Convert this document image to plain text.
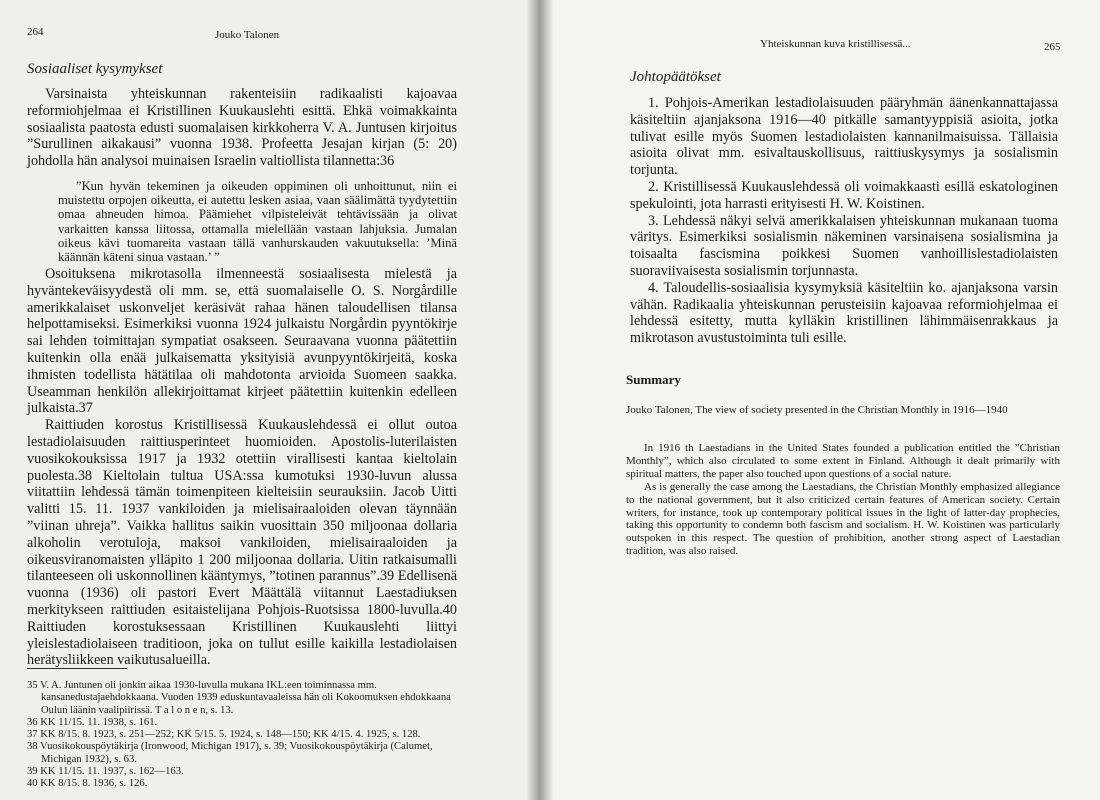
264	Jouko Talonen
Sosiaaliset kysymykset

Varsinaista yhteiskunnan rakenteisiin radikaalisti kajoavaa reformiohjelmaa ei Kristillinen Kuukauslehti esittä. Ehkä voimakkainta sosiaalista paatosta edusti suomalaisen kirkkoherra V. A. Juntusen kirjoitus ”Surullinen aikakausi” vuonna 1938. Profeetta Jesajan kirjan (5: 20) johdolla hän analysoi muinaisen Israelin valtiollista tilannetta:36

”Kun hyvän tekeminen ja oikeuden oppiminen oli unhoittunut, niin ei muistettu orpojen oikeutta, ei autettu lesken asiaa, vaan säälimättä tyydytettiin omaa ahneuden himoa. Päämiehet vilpisteleivät tehtävissään ja olivat varkaitten kanssa liitossa, ottamalla mielellään vastaan lahjuksia. Jumalan oikeus kävi tuomareita vastaan tällä vanhurskauden vakuutuksella: ’Minä käännän käteni sinua vastaan.’ ”

Osoituksena mikrotasolla ilmenneestä sosiaalisesta mielestä ja hyväntekeväisyydestä oli mm. se, että suomalaiselle O. S. Norgårdille amerikkalaiset uskonveljet keräsivät rahaa hänen taloudellisen tilansa helpottamiseksi. Esimerkiksi vuonna 1924 julkaistu Norgårdin pyyntökirje sai lehden toimittajan sympatiat osakseen. Seuraavana vuonna päätettiin kuitenkin olla enää julkaisematta yksityisiä avunpyyntökirjeitä, koska ihmisten todellista hätätilaa oli mahdotonta arvioida Suomeen saakka. Useamman henkilön allekirjoittamat kirjeet päätettiin kuitenkin edelleen julkaista.37

Raittiuden korostus Kristillisessä Kuukauslehdessä ei ollut outoa lestadiolaisuuden raittiusperinteet huomioiden. Apostolis-luterilaisten vuosikokouksissa 1917 ja 1932 otettiin virallisesti kantaa kieltolain puolesta.38 Kieltolain tultua USA:ssa kumotuksi 1930-luvun alussa viitattiin lehdessä tämän toimenpiteen kielteisiin seurauksiin. Jacob Uitti valitti 15. 11. 1937 vankiloiden ja mielisairaaloiden olevan täynnään ”viinan uhreja”. Vaikka hallitus saikin vuosittain 350 miljoonaa dollaria alkoholin verotuloja, maksoi vankiloiden, mielisairaaloiden ja oikeusviranomaisten ylläpito 1 200 miljoonaa dollaria. Uitin ratkaisumalli tilanteeseen oli uskonnollinen kääntymys, ”totinen parannus”.39 Edellisenä vuonna (1936) oli pastori Evert Määttälä viitannut Laestadiuksen merkitykseen raittiuden esitaistelijana Pohjois-Ruotsissa 1800-luvulla.40 Raittiuden korostuksessaan Kristillinen Kuukauslehti liittyi yleislestadiolaiseen traditioon, joka on tullut esille kaikilla lestadiolaisen herätysliikkeen vaikutusalueilla.

35 V. A. Juntunen oli jonkin aikaa 1930-luvulla mukana IKL:een toiminnassa mm. kansanedustajaehdokkaana. Vuoden 1939 eduskuntavaaleissa hän oli Kokoomuksen ehdokkaana Oulun läänin vaalipiirissä. T a l o n e n, s. 13.

36 KK 11/15. 11. 1938, s. 161.

37 KK 8/15. 8. 1923, s. 251—252; KK 5/15. 5. 1924, s. 148—150; KK 4/15. 4. 1925, s. 128.

38 Vuosikokouspöytäkirja (Ironwood, Michigan 1917), s. 39; Vuosikokouspöytäkirja (Calumet, Michigan 1932), s. 63.

39 KK 11/15. 11. 1937, s. 162—163.

40 KK 8/15. 8. 1936, s. 126.

Yhteiskunnan kuva kristillisessä...	265
Johtopäätökset

1. Pohjois-Amerikan lestadiolaisuuden pääryhmän äänenkannattajassa käsiteltiin ajanjaksona 1916—40 pitkälle samantyyppisiä asioita, jotka tulivat esille myös Suomen lestadiolaisten kannanilmaisuissa. Tällaisia asioita olivat mm. esivaltauskollisuus, raittiuskysymys ja sosialismin torjunta.

2. Kristillisessä Kuukauslehdessä oli voimakkaasti esillä eskatologinen spekulointi, jota harrasti erityisesti H. W. Koistinen.

3. Lehdessä näkyi selvä amerikkalaisen yhteiskunnan mukanaan tuoma väritys. Esimerkiksi sosialismin näkeminen varsinaisena sosialismina ja toisaalta fascismina poikkesi Suomen vanhoillislestadiolaisten suoraviivaisesta sosialismin torjunnasta.

4. Taloudellis-sosiaalisia kysymyksiä käsiteltiin ko. ajanjaksona varsin vähän. Radikaalia yhteiskunnan perusteisiin kajoavaa reformiohjelmaa ei lehdessä esitetty, mutta kylläkin kristillinen lähimmäisenrakkaus ja mikrotason avustustoiminta tuli esille.

Summary

Jouko Talonen, The view of society presented in the Christian Monthly in 1916—1940

In 1916 th Laestadians in the United States founded a publication entitled the ”Christian Monthly”, which also circulated to some extent in Finland. Although it dealt primarily with spiritual matters, the paper also touched upon questions of a social nature.

As is generally the case among the Laestadians, the Christian Monthly emphasized allegiance to the national government, but it also criticized certain features of American society. Certain writers, for instance, took up contemporary political issues in the light of latter-day prophecies, taking this opportunity to condemn both fascism and socialism. H. W. Koistinen was particularly outspoken in this respect. The question of prohibition, another strong aspect of Laestadian tradition, was also raised.
